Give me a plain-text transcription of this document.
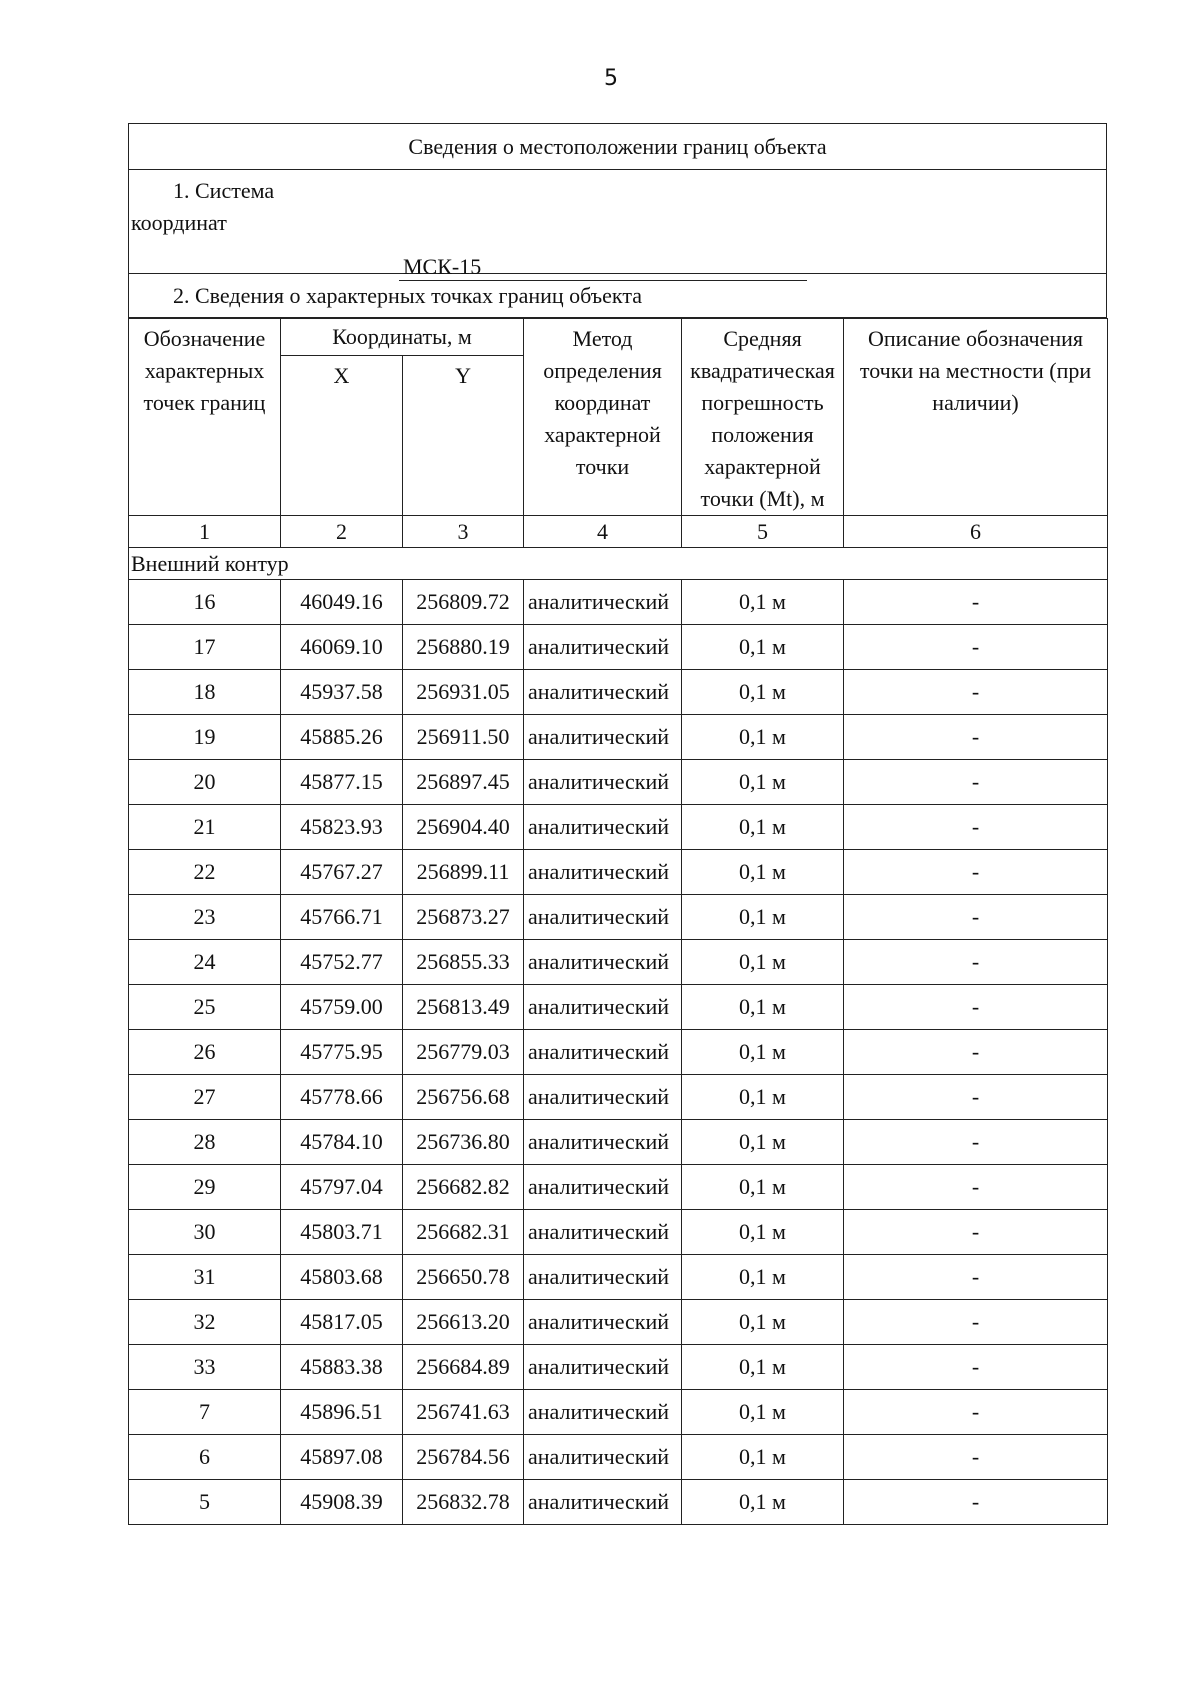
5
Сведения о местоположении границ объекта
1. Система
координат
МСК-15
2. Сведения о характерных точках границ объекта
Обозначение характерных точек границ	Координаты, м		Метод определения координат характерной точки	Средняя квадратическая погрешность положения характерной точки (Mt), м	Описание обозначения точки на местности (при наличии)
	X	Y			
1	2	3	4	5	6
Внешний контур					
16	46049.16	256809.72	аналитический	0,1 м	-
17	46069.10	256880.19	аналитический	0,1 м	-
18	45937.58	256931.05	аналитический	0,1 м	-
19	45885.26	256911.50	аналитический	0,1 м	-
20	45877.15	256897.45	аналитический	0,1 м	-
21	45823.93	256904.40	аналитический	0,1 м	-
22	45767.27	256899.11	аналитический	0,1 м	-
23	45766.71	256873.27	аналитический	0,1 м	-
24	45752.77	256855.33	аналитический	0,1 м	-
25	45759.00	256813.49	аналитический	0,1 м	-
26	45775.95	256779.03	аналитический	0,1 м	-
27	45778.66	256756.68	аналитический	0,1 м	-
28	45784.10	256736.80	аналитический	0,1 м	-
29	45797.04	256682.82	аналитический	0,1 м	-
30	45803.71	256682.31	аналитический	0,1 м	-
31	45803.68	256650.78	аналитический	0,1 м	-
32	45817.05	256613.20	аналитический	0,1 м	-
33	45883.38	256684.89	аналитический	0,1 м	-
7	45896.51	256741.63	аналитический	0,1 м	-
6	45897.08	256784.56	аналитический	0,1 м	-
5	45908.39	256832.78	аналитический	0,1 м	-
